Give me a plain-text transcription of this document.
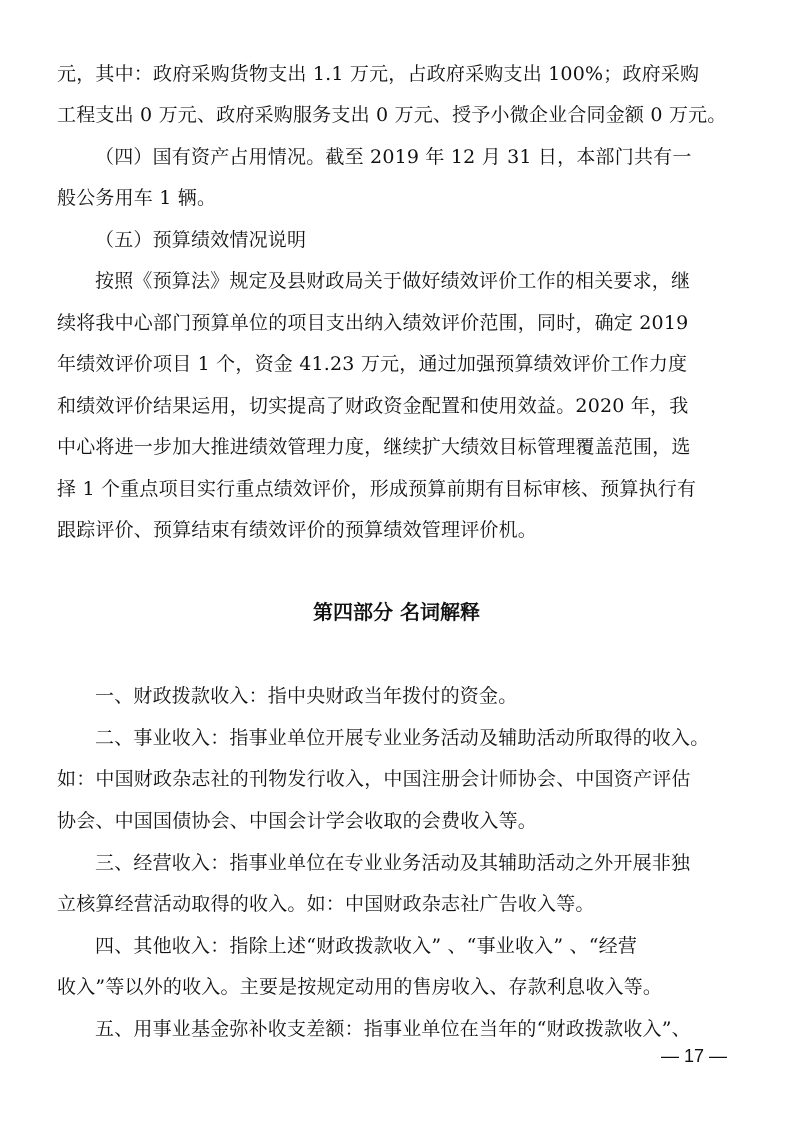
元，其中：政府采购货物支出 1.1 万元，占政府采购支出 100%；政府采购
工程支出 0 万元、政府采购服务支出 0 万元、授予小微企业合同金额 0 万元。
（四）国有资产占用情况。截至 2019 年 12 月 31 日，本部门共有一
般公务用车 1 辆。
（五）预算绩效情况说明
按照《预算法》规定及县财政局关于做好绩效评价工作的相关要求，继
续将我中心部门预算单位的项目支出纳入绩效评价范围，同时，确定 2019
年绩效评价项目 1 个，资金 41.23 万元，通过加强预算绩效评价工作力度
和绩效评价结果运用，切实提高了财政资金配置和使用效益。2020 年，我
中心将进一步加大推进绩效管理力度，继续扩大绩效目标管理覆盖范围，选
择 1 个重点项目实行重点绩效评价，形成预算前期有目标审核、预算执行有
跟踪评价、预算结束有绩效评价的预算绩效管理评价机。
第四部分 名词解释
一、财政拨款收入：指中央财政当年拨付的资金。
二、事业收入：指事业单位开展专业业务活动及辅助活动所取得的收入。
如：中国财政杂志社的刊物发行收入，中国注册会计师协会、中国资产评估
协会、中国国债协会、中国会计学会收取的会费收入等。
三、经营收入：指事业单位在专业业务活动及其辅助活动之外开展非独
立核算经营活动取得的收入。如：中国财政杂志社广告收入等。
四、其他收入：指除上述“财政拨款收入” 、“事业收入” 、“经营
收入”等以外的收入。主要是按规定动用的售房收入、存款利息收入等。
五、用事业基金弥补收支差额：指事业单位在当年的“财政拨款收入”、
— 17 —
